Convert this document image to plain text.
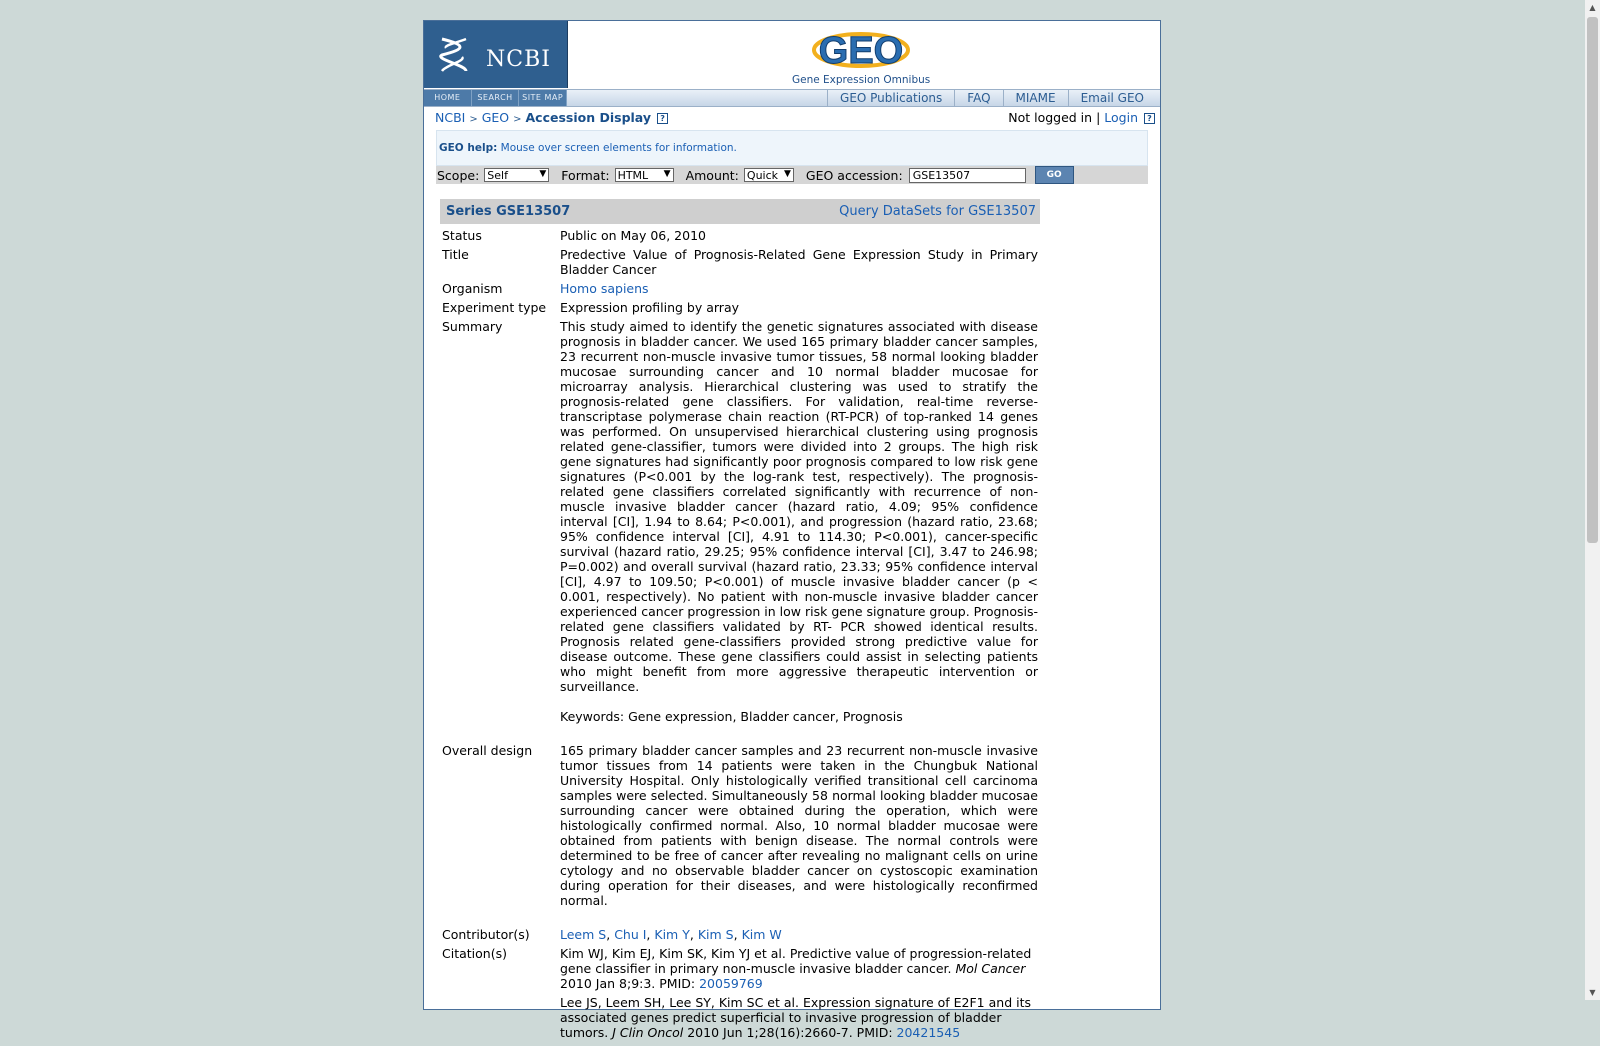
NCBI	GEO
Gene Expression Omnibus
HOME	SEARCH	SITE MAP	GEO Publications	FAQ	MIAME	Email GEO
NCBI > GEO > Accession Display ?	Not logged in | Login ?
GEO help: Mouse over screen elements for information.
Scope: Self	▼ Format: HTML ▼ Amount: Quick ▼ GEO accession: GSE13507	GO
Series GSE13507	Query DataSets for GSE13507
Status	Public on May 06, 2010
Title	Predective Value of Prognosis-Related Gene Expression Study in Primary Bladder Cancer
Organism	Homo sapiens
Experiment type	Expression profiling by array
Summary	This study aimed to identify the genetic signatures associated with disease prognosis in bladder cancer. We used 165 primary bladder cancer samples, 23 recurrent non-muscle invasive tumor tissues, 58 normal looking bladder mucosae surrounding cancer and 10 normal bladder mucosae for microarray analysis. Hierarchical clustering was used to stratify the prognosis-related gene classifiers. For validation, real-time reverse-transcriptase polymerase chain reaction (RT-PCR) of top-ranked 14 genes was performed. On unsupervised hierarchical clustering using prognosis related gene-classifier, tumors were divided into 2 groups. The high risk gene signatures had significantly poor prognosis compared to low risk gene signatures (P<0.001 by the log-rank test, respectively). The prognosis-related gene classifiers correlated significantly with recurrence of non-muscle invasive bladder cancer (hazard ratio, 4.09; 95% confidence interval [CI], 1.94 to 8.64; P<0.001), and progression (hazard ratio, 23.68; 95% confidence interval [CI], 4.91 to 114.30; P<0.001), cancer-specific survival (hazard ratio, 29.25; 95% confidence interval [CI], 3.47 to 246.98; P=0.002) and overall survival (hazard ratio, 23.33; 95% confidence interval [CI], 4.97 to 109.50; P<0.001) of muscle invasive bladder cancer (p < 0.001, respectively). No patient with non-muscle invasive bladder cancer experienced cancer progression in low risk gene signature group. Prognosis-related gene classifiers validated by RT- PCR showed identical results. Prognosis related gene-classifiers provided strong predictive value for disease outcome. These gene classifiers could assist in selecting patients who might benefit from more aggressive therapeutic intervention or surveillance.

Keywords: Gene expression, Bladder cancer, Prognosis

Overall design	165 primary bladder cancer samples and 23 recurrent non-muscle invasive tumor tissues from 14 patients were taken in the Chungbuk National University Hospital. Only histologically verified transitional cell carcinoma samples were selected. Simultaneously 58 normal looking bladder mucosae surrounding cancer were obtained during the operation, which were histologically confirmed normal. Also, 10 normal bladder mucosae were obtained from patients with benign disease. The normal controls were determined to be free of cancer after revealing no malignant cells on urine cytology and no observable bladder cancer on cystoscopic examination during operation for their diseases, and were histologically reconfirmed normal.

Contributor(s)	Leem S, Chu I, Kim Y, Kim S, Kim W
Citation(s)	Kim WJ, Kim EJ, Kim SK, Kim YJ et al. Predictive value of progression-related gene classifier in primary non-muscle invasive bladder cancer. Mol Cancer 2010 Jan 8;9:3. PMID: 20059769
Lee JS, Leem SH, Lee SY, Kim SC et al. Expression signature of E2F1 and its associated genes predict superficial to invasive progression of bladder tumors. J Clin Oncol 2010 Jun 1;28(16):2660-7. PMID: 20421545
▲
▼
